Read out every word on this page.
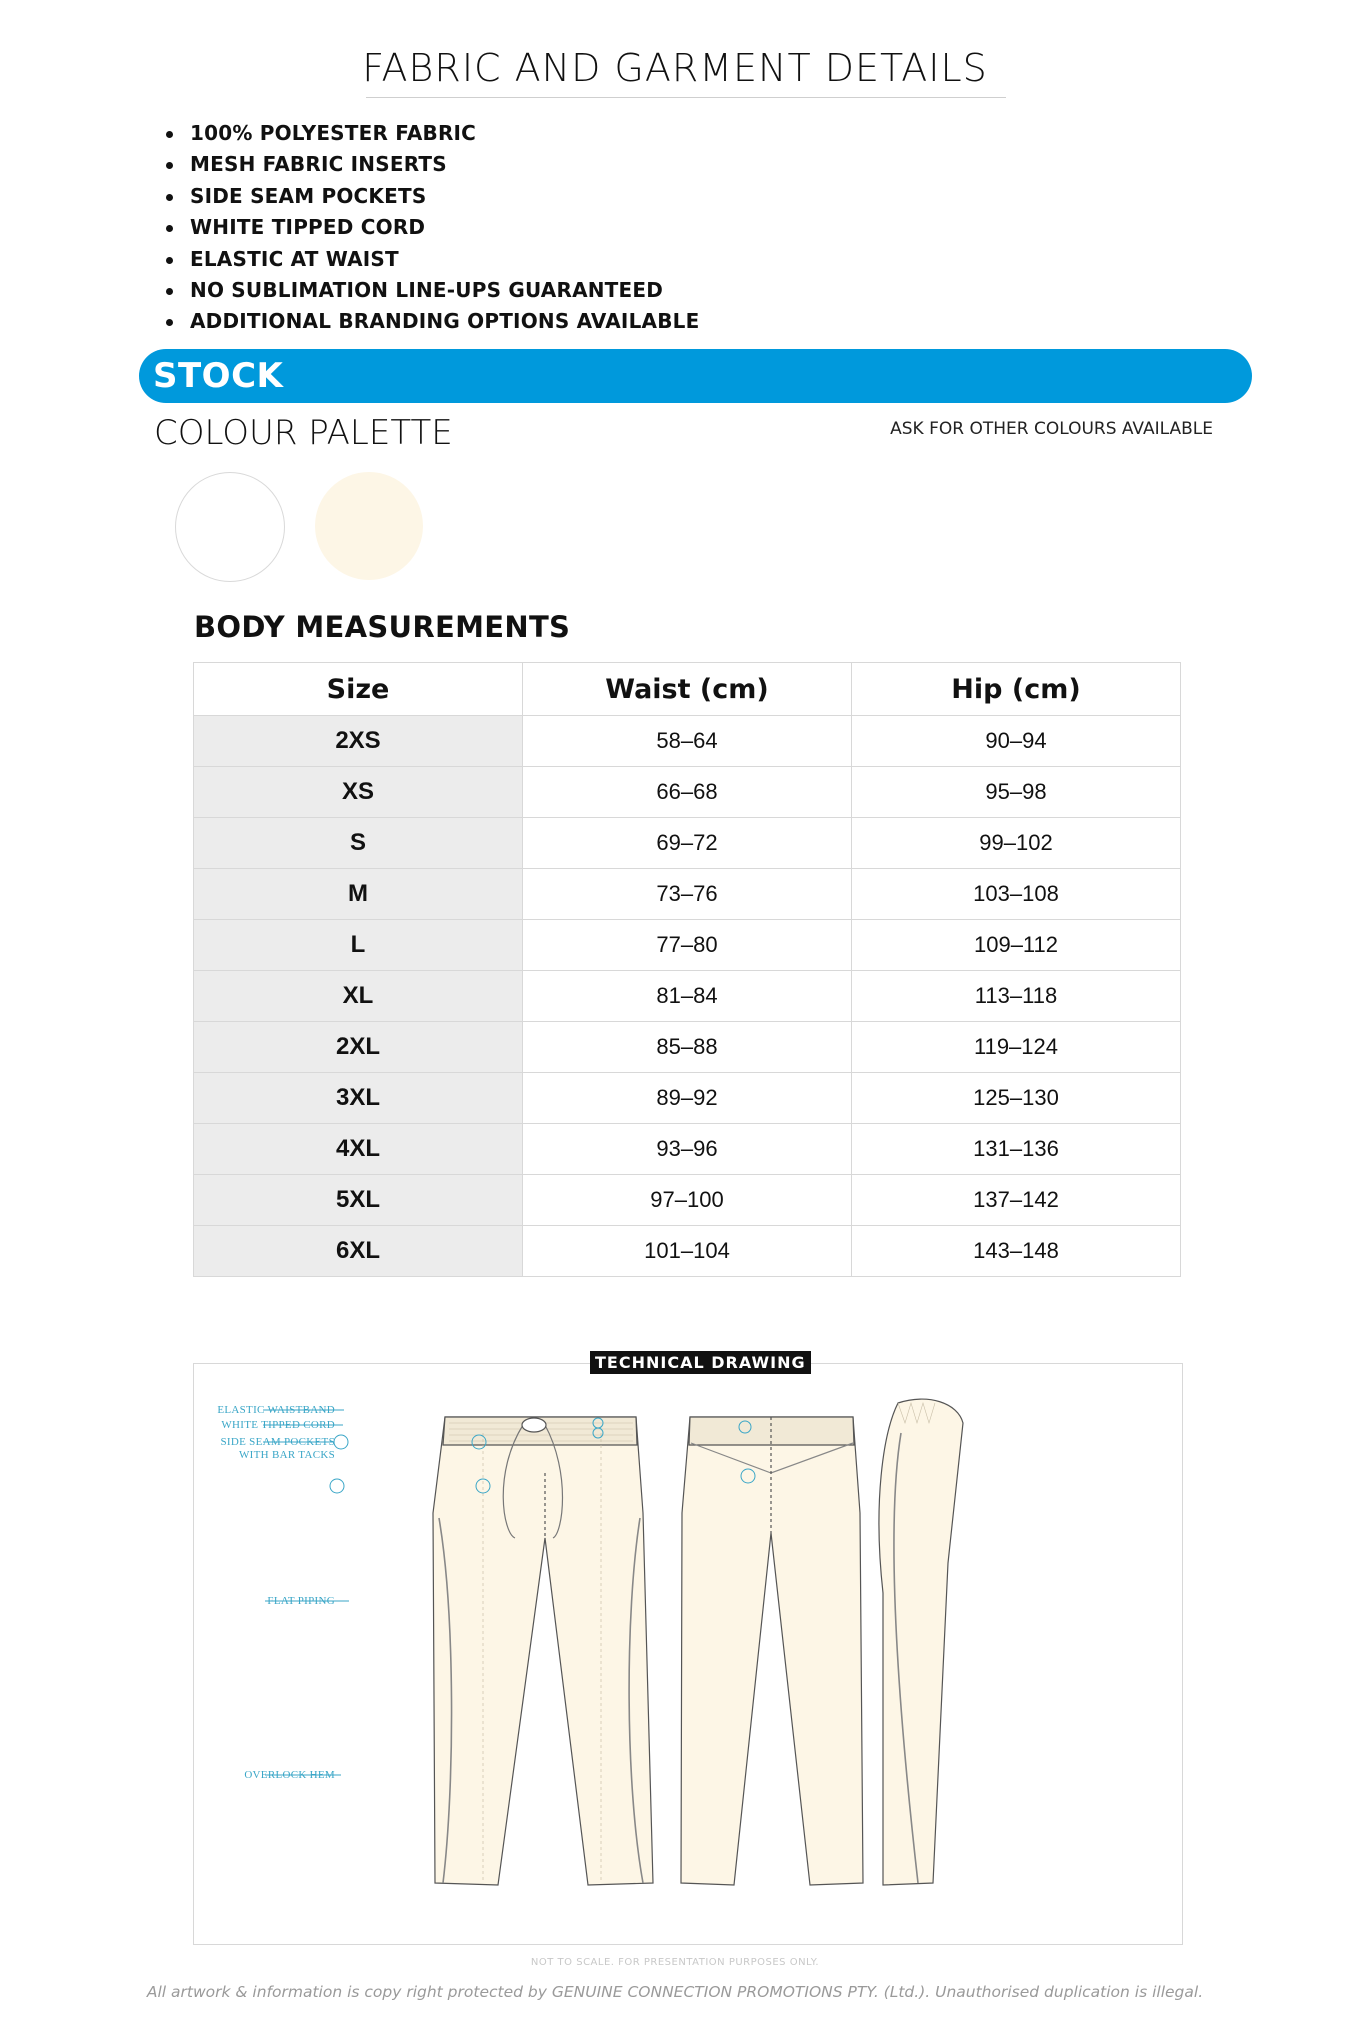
FABRIC AND GARMENT DETAILS
100% POLYESTER FABRIC
MESH FABRIC INSERTS
SIDE SEAM POCKETS
WHITE TIPPED CORD
ELASTIC AT WAIST
NO SUBLIMATION LINE-UPS GUARANTEED
ADDITIONAL BRANDING OPTIONS AVAILABLE
STOCK
COLOUR PALETTE	ASK FOR OTHER COLOURS AVAILABLE
BODY MEASUREMENTS
Size	Waist (cm)	Hip (cm)
2XS	58–64	90–94
XS	66–68	95–98
S	69–72	99–102
M	73–76	103–108
L	77–80	109–112
XL	81–84	113–118
2XL	85–88	119–124
3XL	89–92	125–130
4XL	93–96	131–136
5XL	97–100	137–142
6XL	101–104	143–148
TECHNICAL DRAWING
ELASTIC WAISTBAND
WHITE TIPPED CORD
SIDE SEAM POCKETS
WITH BAR TACKS
FLAT PIPING
OVERLOCK HEM
NOT TO SCALE. FOR PRESENTATION PURPOSES ONLY.
All artwork & information is copy right protected by GENUINE CONNECTION PROMOTIONS PTY. (Ltd.). Unauthorised duplication is illegal.
